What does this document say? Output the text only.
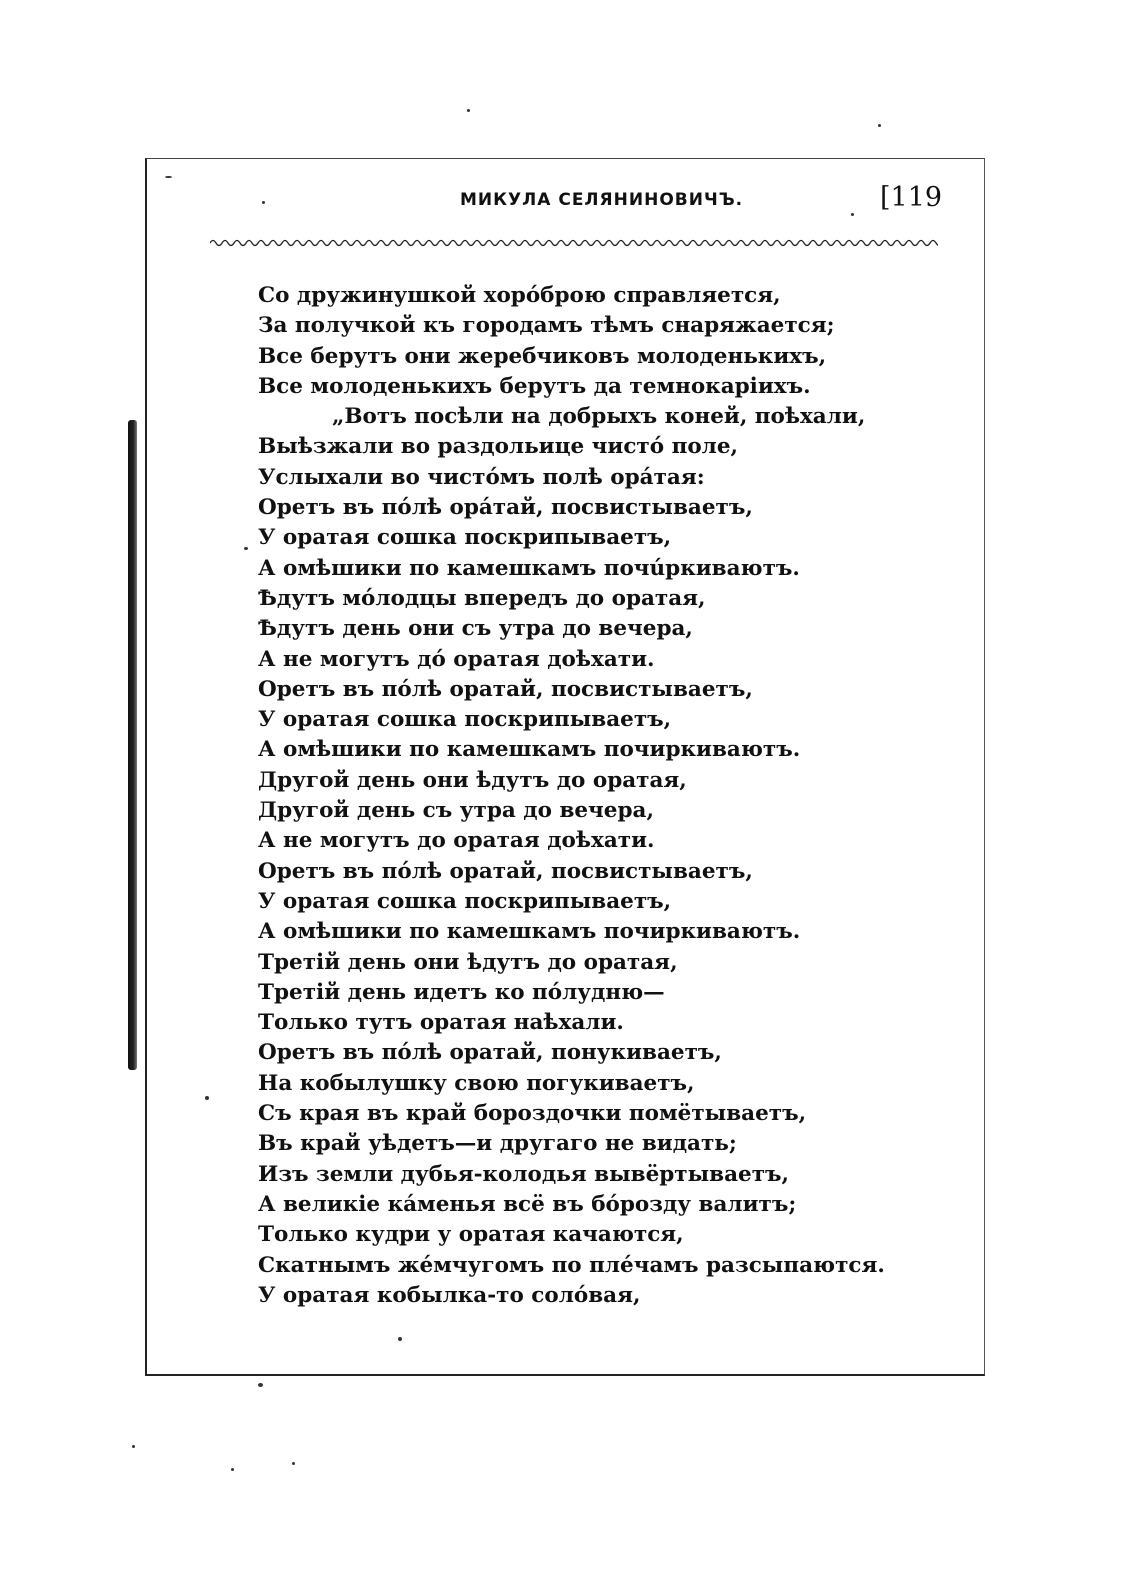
МИКУЛА СЕЛЯНИНОВИЧЪ.	[119
Со дружинушкой хорóброю справляется,
За получкой къ городамъ тѣмъ снаряжается;
Все берутъ они жеребчиковъ молоденькихъ,
Все молоденькихъ берутъ да темнокаріихъ.
„Вотъ посѣли на добрыхъ коней, поѣхали,
Выѣзжали во раздольице чистó поле,
Услыхали во чистóмъ полѣ орáтая:
Оретъ въ пóлѣ орáтай, посвистываетъ,
У оратая сошка поскрипываетъ,
А омѣшики по камешкамъ почúркиваютъ.
Ѣдутъ мóлодцы впередъ до оратая,
Ѣдутъ день они съ утра до вечера,
А не могутъ дó оратая доѣхати.
Оретъ въ пóлѣ оратай, посвистываетъ,
У оратая сошка поскрипываетъ,
А омѣшики по камешкамъ почиркиваютъ.
Другой день они ѣдутъ до оратая,
Другой день съ утра до вечера,
А не могутъ до оратая доѣхати.
Оретъ въ пóлѣ оратай, посвистываетъ,
У оратая сошка поскрипываетъ,
А омѣшики по камешкамъ почиркиваютъ.
Третій день они ѣдутъ до оратая,
Третій день идетъ ко пóлудню—
Только тутъ оратая наѣхали.
Оретъ въ пóлѣ оратай, понукиваетъ,
На кобылушку свою погукиваетъ,
Съ края въ край бороздочки помётываетъ,
Въ край уѣдетъ—и другаго не видать;
Изъ земли дубья-колодья вывёртываетъ,
А великіе кáменья всё въ бóрозду валитъ;
Только кудри у оратая качаются,
Скатнымъ жéмчугомъ по плéчамъ разсыпаются.
У оратая кобылка-то солóвая,
